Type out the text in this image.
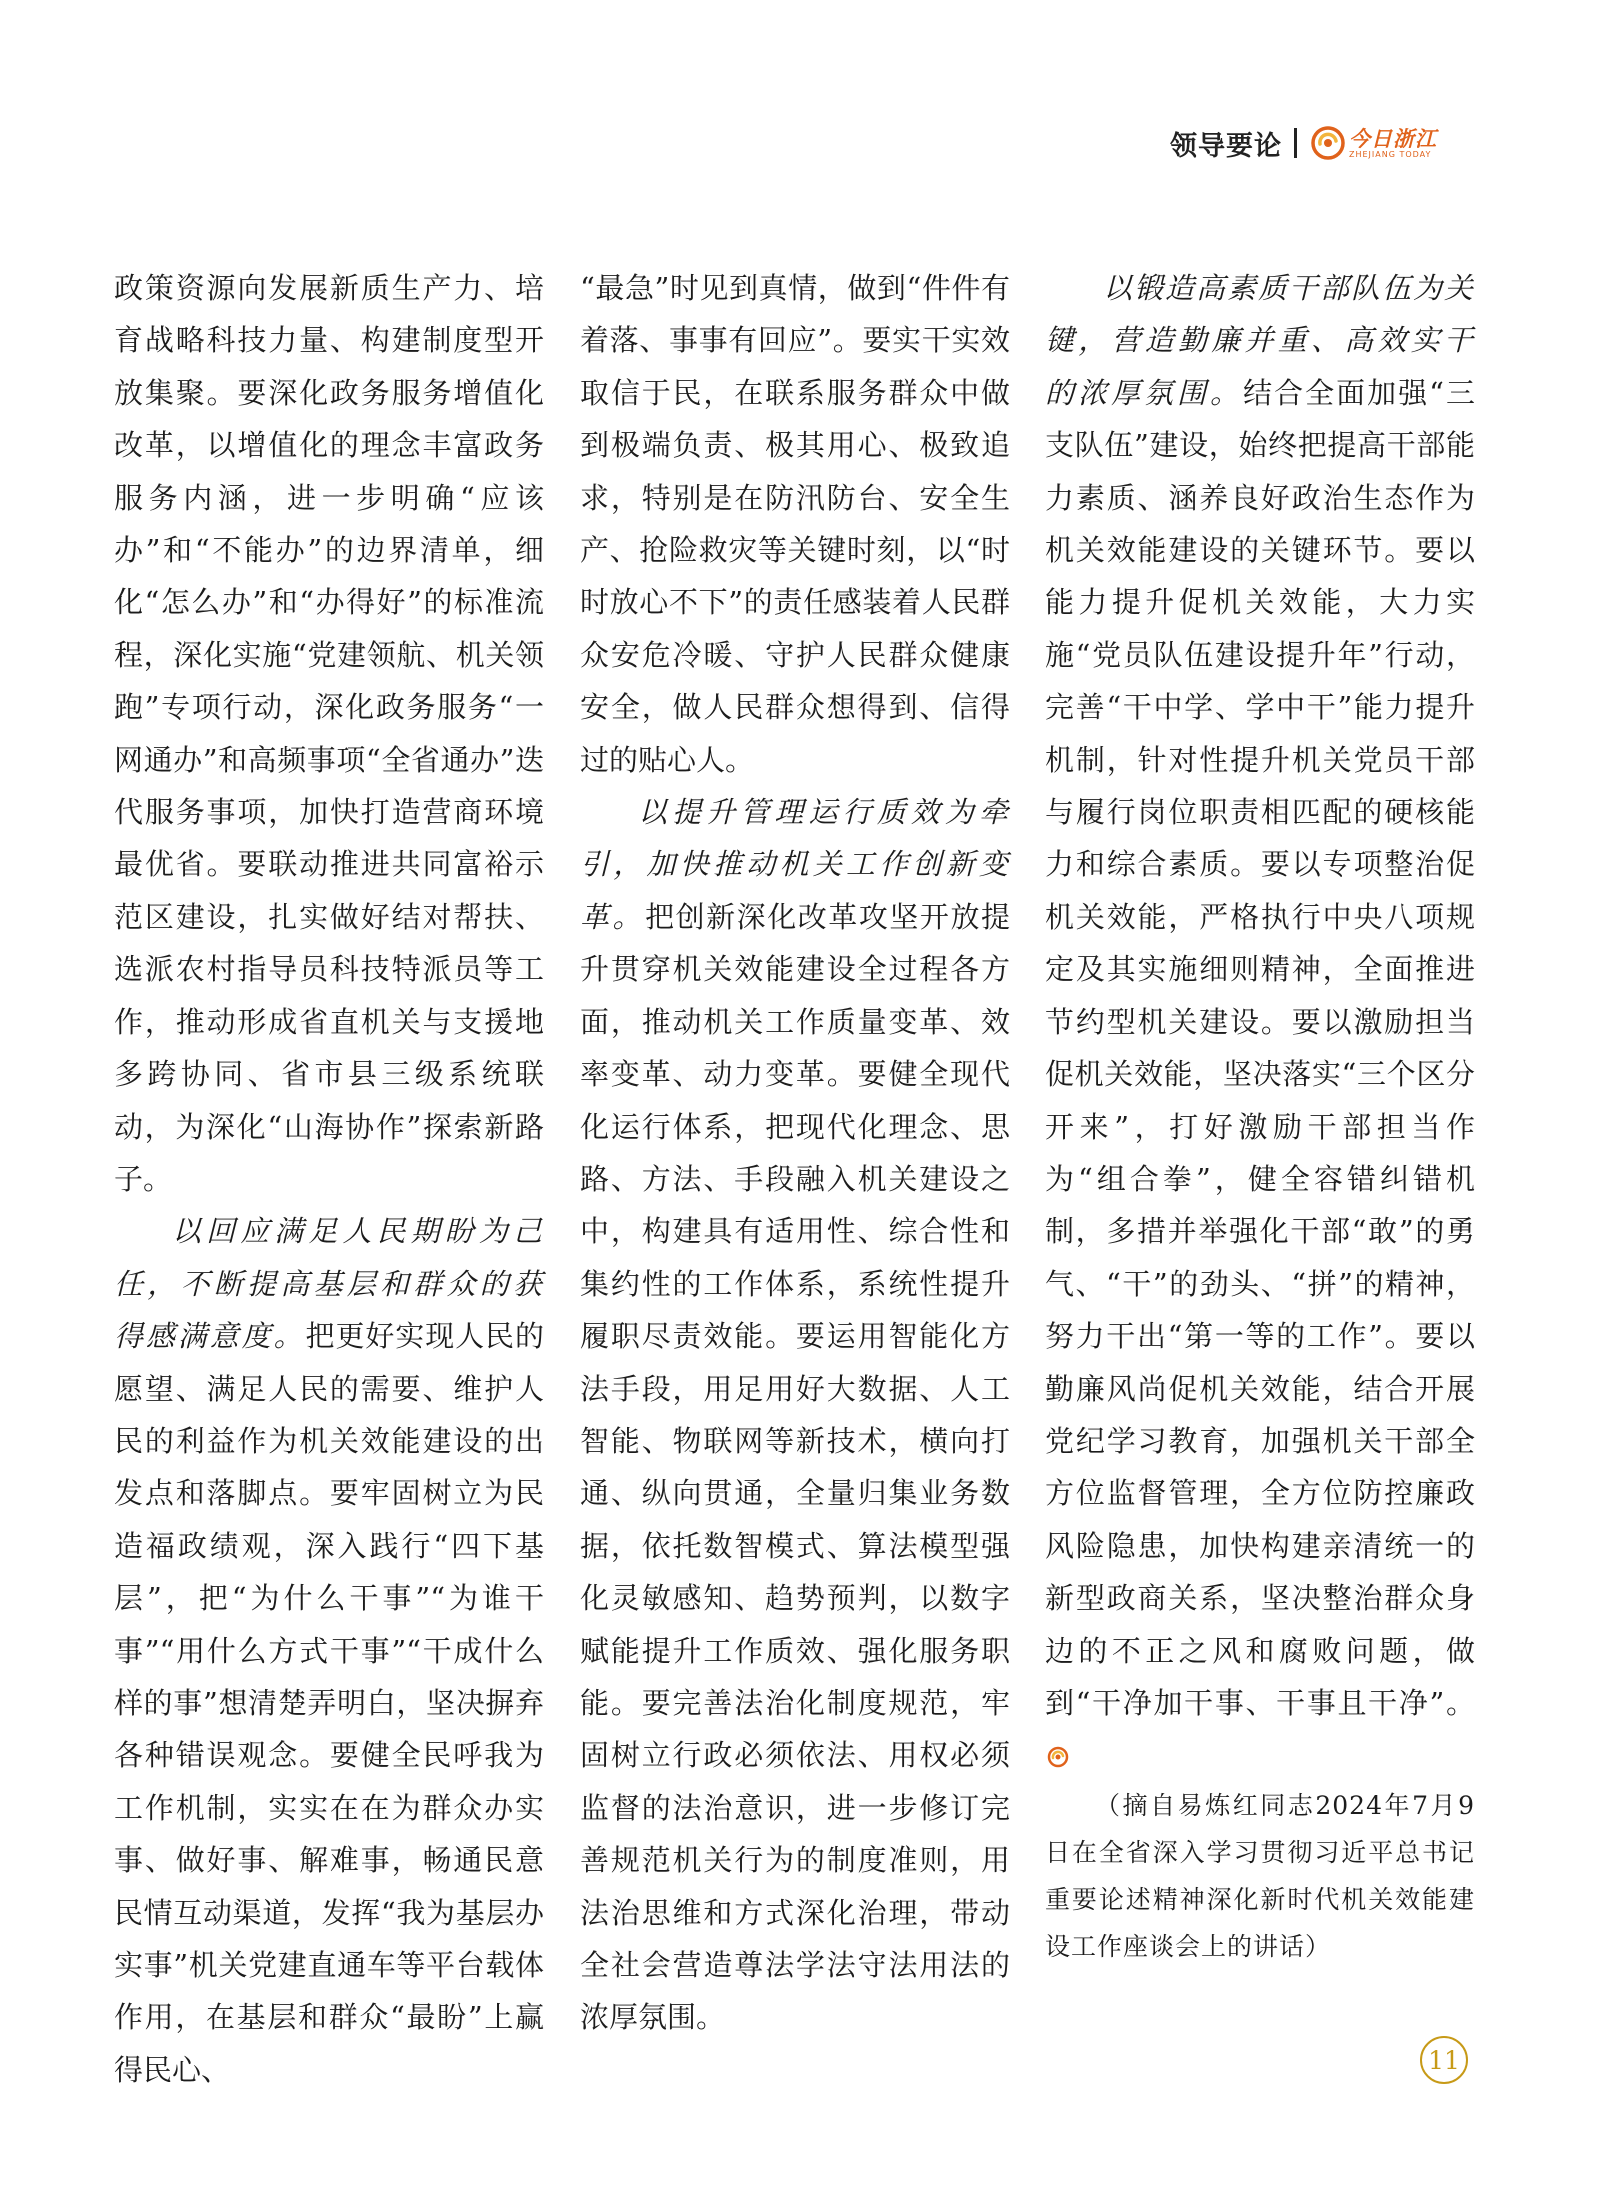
领导要论	今日浙江
ZHEJIANG TODAY

政策资源向发展新质生产力、培育战略科技力量、构建制度型开放集聚。要深化政务服务增值化改革，以增值化的理念丰富政务服务内涵，进一步明确“应该办”和“不能办”的边界清单，细化“怎么办”和“办得好”的标准流程，深化实施“党建领航、机关领跑”专项行动，深化政务服务“一网通办”和高频事项“全省通办”迭代服务事项，加快打造营商环境最优省。要联动推进共同富裕示范区建设，扎实做好结对帮扶、选派农村指导员科技特派员等工作，推动形成省直机关与支援地多跨协同、省市县三级系统联动，为深化“山海协作”探索新路子。

以回应满足人民期盼为己任，不断提高基层和群众的获得感满意度。把更好实现人民的愿望、满足人民的需要、维护人民的利益作为机关效能建设的出发点和落脚点。要牢固树立为民造福政绩观，深入践行“四下基层”，把“为什么干事”“为谁干事”“用什么方式干事”“干成什么样的事”想清楚弄明白，坚决摒弃各种错误观念。要健全民呼我为工作机制，实实在在为群众办实事、做好事、解难事，畅通民意民情互动渠道，发挥“我为基层办实事”机关党建直通车等平台载体作用，在基层和群众“最盼”上赢得民心、

“最急”时见到真情，做到“件件有着落、事事有回应”。要实干实效取信于民，在联系服务群众中做到极端负责、极其用心、极致追求，特别是在防汛防台、安全生产、抢险救灾等关键时刻，以“时时放心不下”的责任感装着人民群众安危冷暖、守护人民群众健康安全，做人民群众想得到、信得过的贴心人。

以提升管理运行质效为牵引，加快推动机关工作创新变革。把创新深化改革攻坚开放提升贯穿机关效能建设全过程各方面，推动机关工作质量变革、效率变革、动力变革。要健全现代化运行体系，把现代化理念、思路、方法、手段融入机关建设之中，构建具有适用性、综合性和集约性的工作体系，系统性提升履职尽责效能。要运用智能化方法手段，用足用好大数据、人工智能、物联网等新技术，横向打通、纵向贯通，全量归集业务数据，依托数智模式、算法模型强化灵敏感知、趋势预判，以数字赋能提升工作质效、强化服务职能。要完善法治化制度规范，牢固树立行政必须依法、用权必须监督的法治意识，进一步修订完善规范机关行为的制度准则，用法治思维和方式深化治理，带动全社会营造尊法学法守法用法的浓厚氛围。

以锻造高素质干部队伍为关键，营造勤廉并重、高效实干的浓厚氛围。结合全面加强“三支队伍”建设，始终把提高干部能力素质、涵养良好政治生态作为机关效能建设的关键环节。要以能力提升促机关效能，大力实施“党员队伍建设提升年”行动，完善“干中学、学中干”能力提升机制，针对性提升机关党员干部与履行岗位职责相匹配的硬核能力和综合素质。要以专项整治促机关效能，严格执行中央八项规定及其实施细则精神，全面推进节约型机关建设。要以激励担当促机关效能，坚决落实“三个区分开来”，打好激励干部担当作为“组合拳”，健全容错纠错机制，多措并举强化干部“敢”的勇气、“干”的劲头、“拼”的精神，努力干出“第一等的工作”。要以勤廉风尚促机关效能，结合开展党纪学习教育，加强机关干部全方位监督管理，全方位防控廉政风险隐患，加快构建亲清统一的新型政商关系，坚决整治群众身边的不正之风和腐败问题，做到“干净加干事、干事且干净”。

（摘自易炼红同志2024年7月9日在全省深入学习贯彻习近平总书记重要论述精神深化新时代机关效能建设工作座谈会上的讲话）

11
